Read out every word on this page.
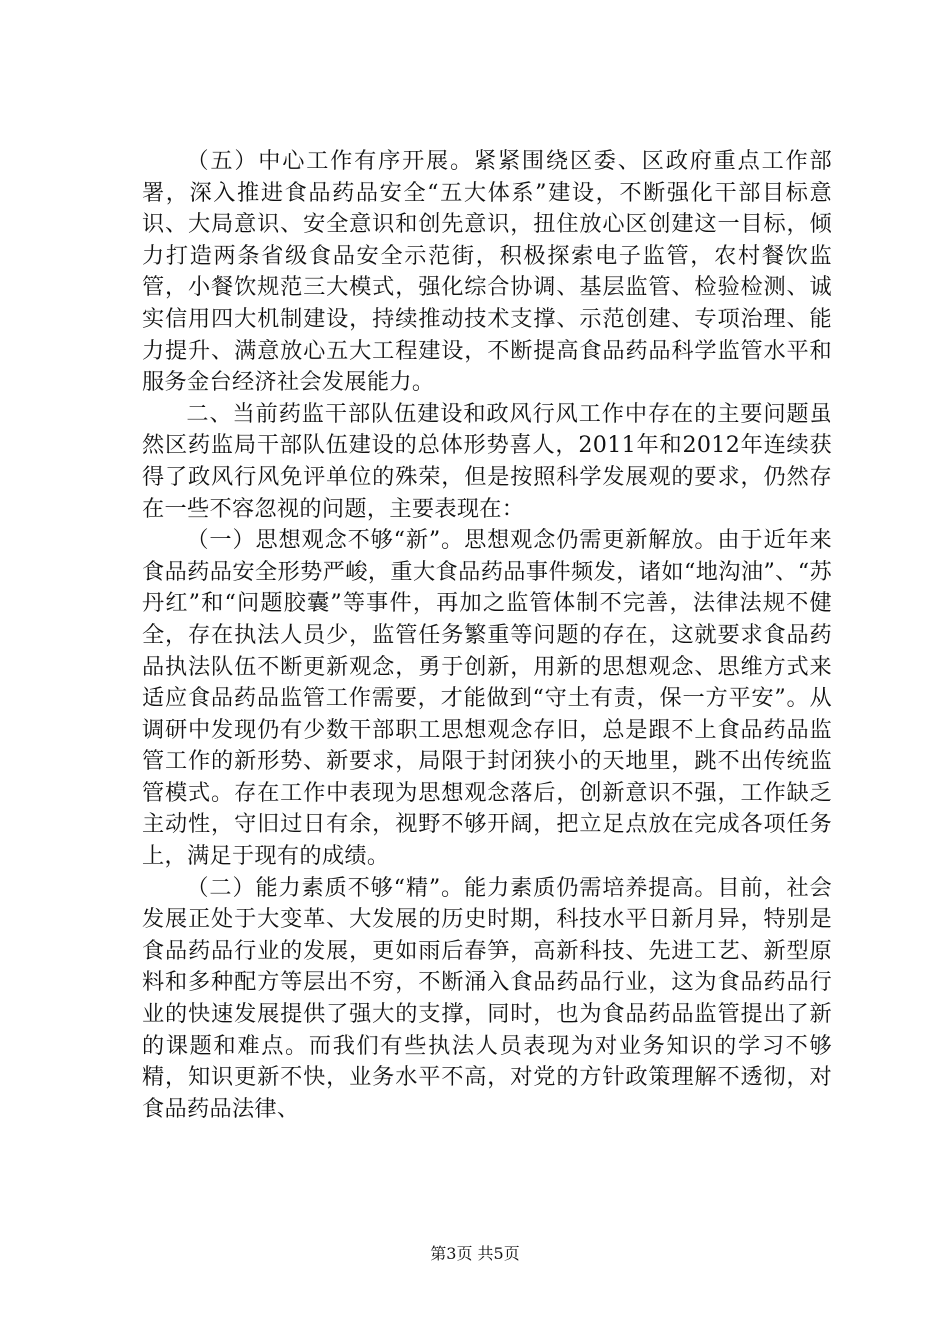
（五）中心工作有序开展。紧紧围绕区委、区政府重点工作部署，深入推进食品药品安全“五大体系”建设，不断强化干部目标意识、大局意识、安全意识和创先意识，扭住放心区创建这一目标，倾力打造两条省级食品安全示范街，积极探索电子监管，农村餐饮监管，小餐饮规范三大模式，强化综合协调、基层监管、检验检测、诚实信用四大机制建设，持续推动技术支撑、示范创建、专项治理、能力提升、满意放心五大工程建设，不断提高食品药品科学监管水平和服务金台经济社会发展能力。

二、当前药监干部队伍建设和政风行风工作中存在的主要问题虽然区药监局干部队伍建设的总体形势喜人，2011年和2012年连续获得了政风行风免评单位的殊荣，但是按照科学发展观的要求，仍然存在一些不容忽视的问题，主要表现在：

（一）思想观念不够“新”。思想观念仍需更新解放。由于近年来食品药品安全形势严峻，重大食品药品事件频发，诸如“地沟油”、“苏丹红”和“问题胶囊”等事件，再加之监管体制不完善，法律法规不健全，存在执法人员少，监管任务繁重等问题的存在，这就要求食品药品执法队伍不断更新观念，勇于创新，用新的思想观念、思维方式来适应食品药品监管工作需要，才能做到“守土有责，保一方平安”。从调研中发现仍有少数干部职工思想观念存旧，总是跟不上食品药品监管工作的新形势、新要求，局限于封闭狭小的天地里，跳不出传统监管模式。存在工作中表现为思想观念落后，创新意识不强，工作缺乏主动性，守旧过日有余，视野不够开阔，把立足点放在完成各项任务上，满足于现有的成绩。

（二）能力素质不够“精”。能力素质仍需培养提高。目前，社会发展正处于大变革、大发展的历史时期，科技水平日新月异，特别是食品药品行业的发展，更如雨后春笋，高新科技、先进工艺、新型原料和多种配方等层出不穷，不断涌入食品药品行业，这为食品药品行业的快速发展提供了强大的支撑，同时，也为食品药品监管提出了新的课题和难点。而我们有些执法人员表现为对业务知识的学习不够精，知识更新不快，业务水平不高，对党的方针政策理解不透彻，对食品药品法律、

第3页 共5页
